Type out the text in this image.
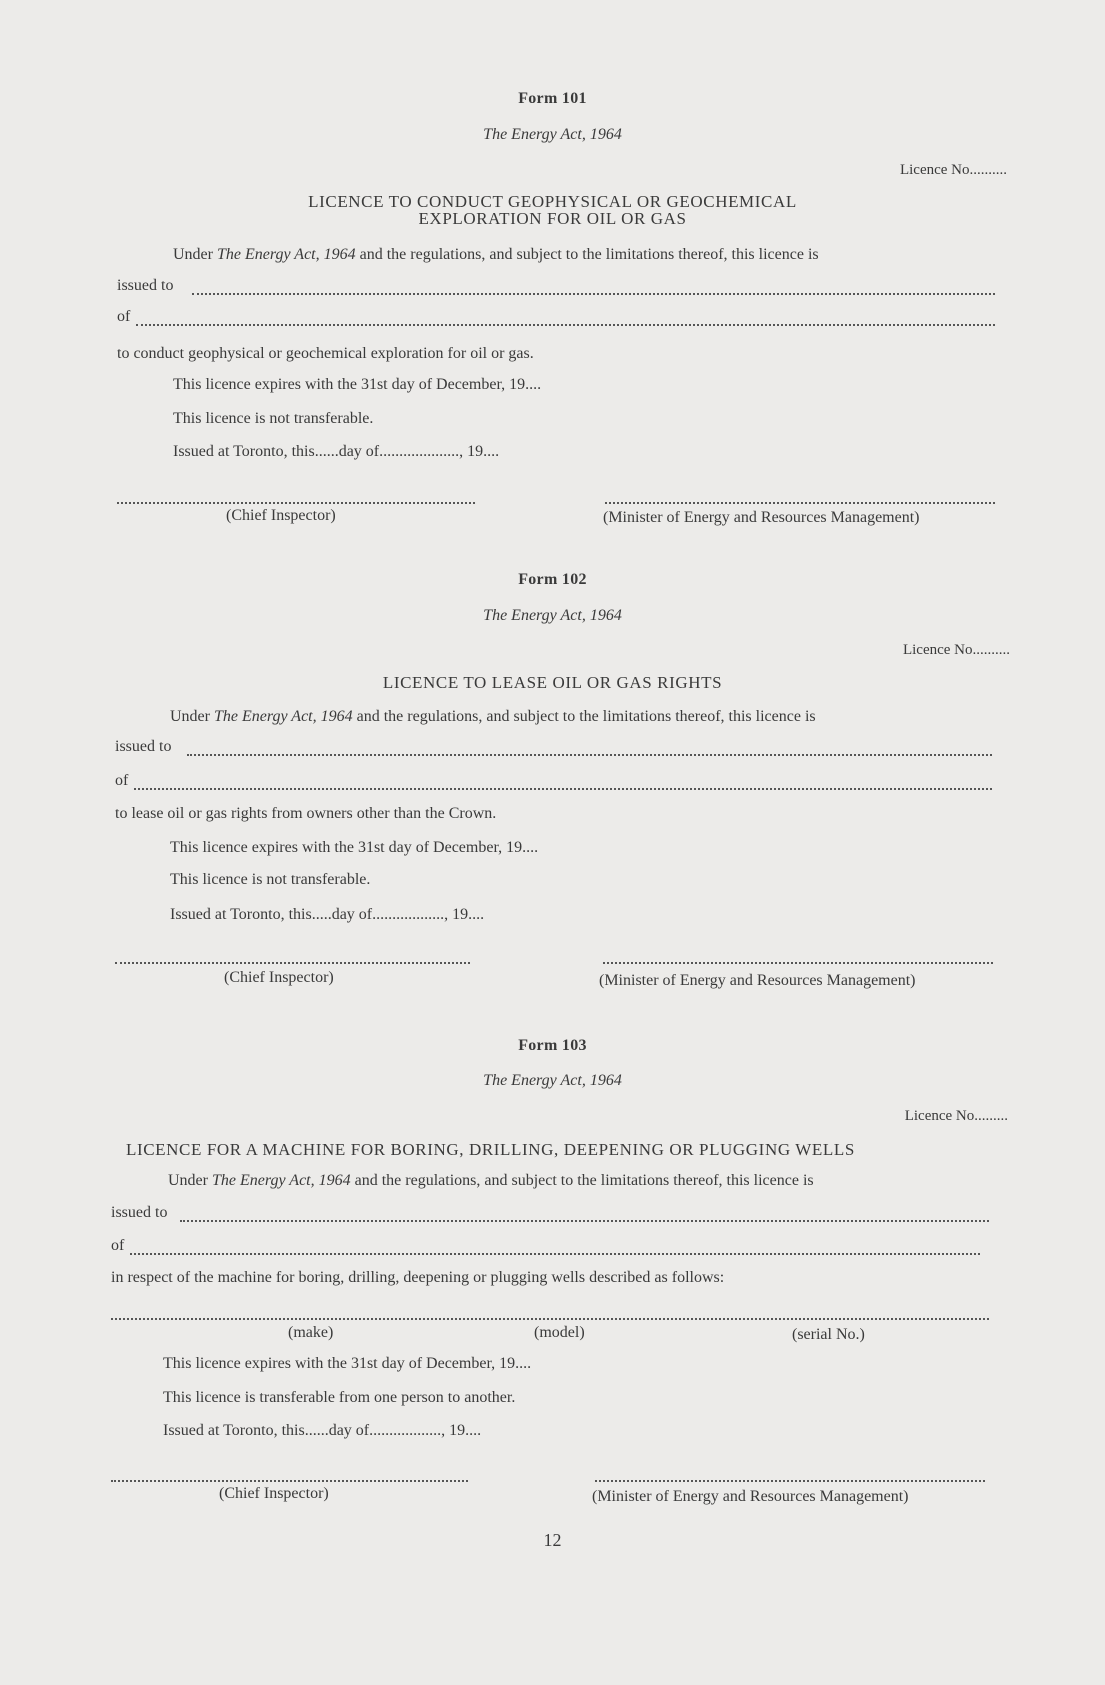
Form 101
The Energy Act, 1964
Licence No..........
LICENCE TO CONDUCT GEOPHYSICAL OR GEOCHEMICAL
EXPLORATION FOR OIL OR GAS
Under The Energy Act, 1964 and the regulations, and subject to the limitations thereof, this licence is
issued to
of
to conduct geophysical or geochemical exploration for oil or gas.
This licence expires with the 31st day of December, 19....
This licence is not transferable.
Issued at Toronto, this......day of...................., 19....
(Chief Inspector)	(Minister of Energy and Resources Management)
Form 102
The Energy Act, 1964
Licence No..........
LICENCE TO LEASE OIL OR GAS RIGHTS
Under The Energy Act, 1964 and the regulations, and subject to the limitations thereof, this licence is
issued to
of
to lease oil or gas rights from owners other than the Crown.
This licence expires with the 31st day of December, 19....
This licence is not transferable.
Issued at Toronto, this.....day of.................., 19....
(Chief Inspector)	(Minister of Energy and Resources Management)
Form 103
The Energy Act, 1964
Licence No.........
LICENCE FOR A MACHINE FOR BORING, DRILLING, DEEPENING OR PLUGGING WELLS
Under The Energy Act, 1964 and the regulations, and subject to the limitations thereof, this licence is
issued to
of
in respect of the machine for boring, drilling, deepening or plugging wells described as follows:
(make)	(model)	(serial No.)
This licence expires with the 31st day of December, 19....
This licence is transferable from one person to another.
Issued at Toronto, this......day of.................., 19....
(Chief Inspector)	(Minister of Energy and Resources Management)
12
